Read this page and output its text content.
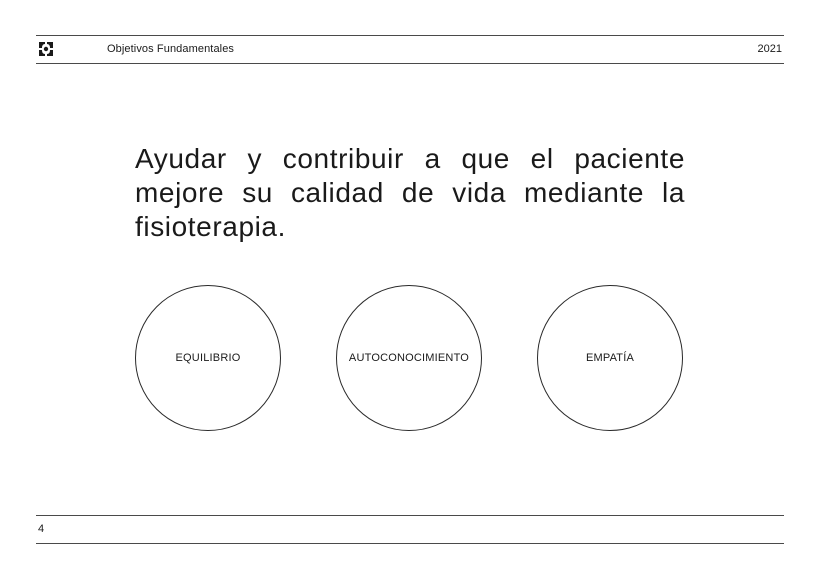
Objetivos Fundamentales	2021

Ayudar y contribuir a que el paciente mejore su calidad de vida mediante la fisioterapia.

EQUILIBRIO	AUTOCONOCIMIENTO	EMPATÍA
4
